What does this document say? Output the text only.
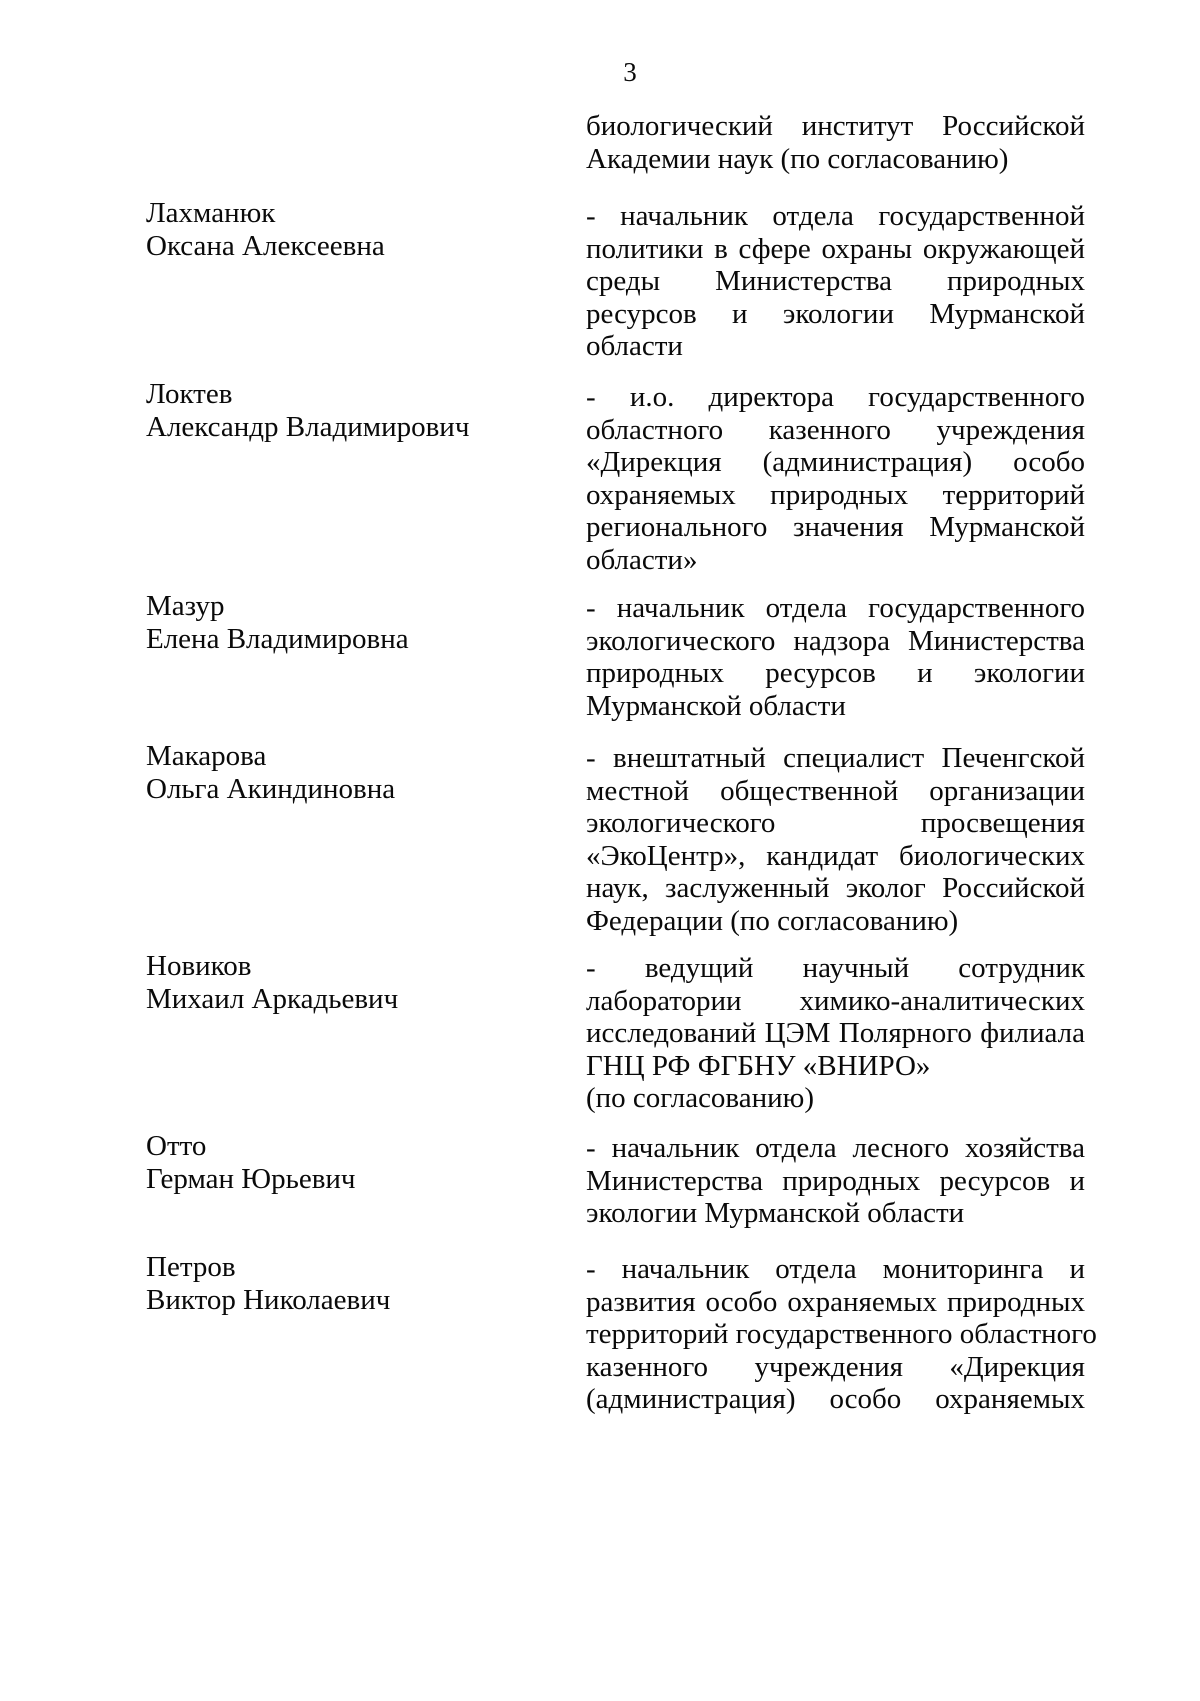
3
биологический институт Российской
Академии наук (по согласованию)
Лахманюк
Оксана Алексеевна
- начальник отдела государственной
политики в сфере охраны окружающей
среды Министерства природных
ресурсов и экологии Мурманской
области
Локтев
Александр Владимирович
- и.о. директора государственного
областного казенного учреждения
«Дирекция (администрация) особо
охраняемых природных территорий
регионального значения Мурманской
области»
Мазур
Елена Владимировна
- начальник отдела государственного
экологического надзора Министерства
природных ресурсов и экологии
Мурманской области
Макарова
Ольга Акиндиновна
- внештатный специалист Печенгской
местной общественной организации
экологического просвещения
«ЭкоЦентр», кандидат биологических
наук, заслуженный эколог Российской
Федерации (по согласованию)
Новиков
Михаил Аркадьевич
- ведущий научный сотрудник
лаборатории химико-аналитических
исследований ЦЭМ Полярного филиала
ГНЦ РФ ФГБНУ «ВНИРО»
(по согласованию)
Отто
Герман Юрьевич
- начальник отдела лесного хозяйства
Министерства природных ресурсов и
экологии Мурманской области
Петров
Виктор Николаевич
- начальник отдела мониторинга и
развития особо охраняемых природных
территорий государственного областного
казенного учреждения «Дирекция
(администрация) особо охраняемых
